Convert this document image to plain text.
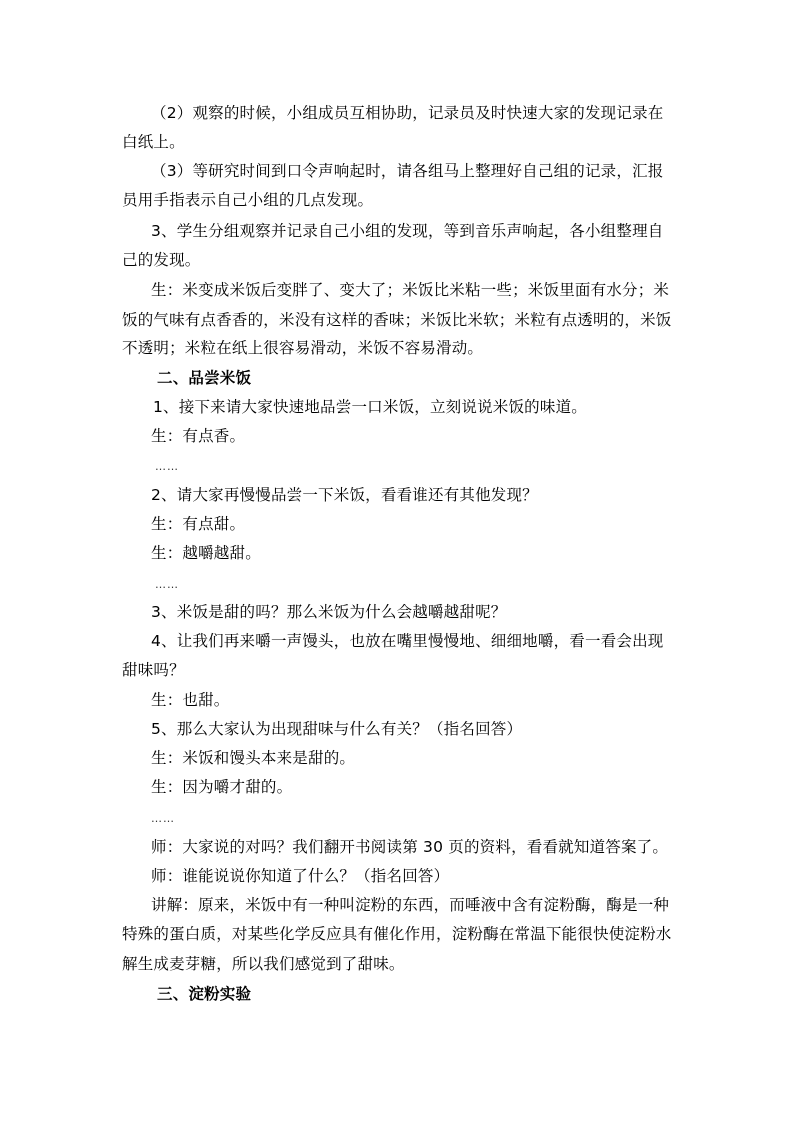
（2）观察的时候，小组成员互相协助，记录员及时快速大家的发现记录在
白纸上。
（3）等研究时间到口令声响起时，请各组马上整理好自己组的记录，汇报
员用手指表示自己小组的几点发现。
3、学生分组观察并记录自己小组的发现，等到音乐声响起，各小组整理自
己的发现。
生：米变成米饭后变胖了、变大了；米饭比米粘一些；米饭里面有水分；米
饭的气味有点香香的，米没有这样的香味；米饭比米软；米粒有点透明的，米饭
不透明；米粒在纸上很容易滑动，米饭不容易滑动。
二、品尝米饭
1、接下来请大家快速地品尝一口米饭，立刻说说米饭的味道。
生：有点香。
……
2、请大家再慢慢品尝一下米饭，看看谁还有其他发现？
生：有点甜。
生：越嚼越甜。
……
3、米饭是甜的吗？那么米饭为什么会越嚼越甜呢？
4、让我们再来嚼一声馒头，也放在嘴里慢慢地、细细地嚼，看一看会出现
甜味吗？
生：也甜。
5、那么大家认为出现甜味与什么有关？（指名回答）
生：米饭和馒头本来是甜的。
生：因为嚼才甜的。
……
师：大家说的对吗？我们翻开书阅读第 30 页的资料，看看就知道答案了。
师：谁能说说你知道了什么？（指名回答）
讲解：原来，米饭中有一种叫淀粉的东西，而唾液中含有淀粉酶，酶是一种
特殊的蛋白质，对某些化学反应具有催化作用，淀粉酶在常温下能很快使淀粉水
解生成麦芽糖，所以我们感觉到了甜味。
三、淀粉实验
